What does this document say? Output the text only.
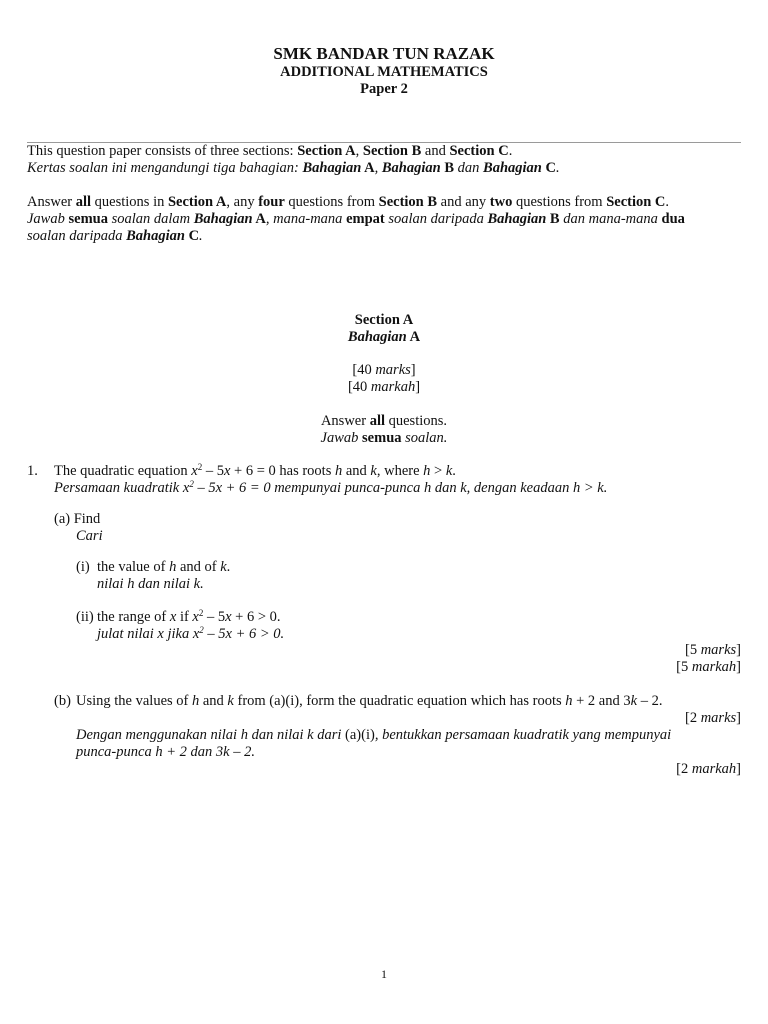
SMK BANDAR TUN RAZAK
ADDITIONAL MATHEMATICS
Paper 2

This question paper consists of three sections: Section A, Section B and Section C.

Kertas soalan ini mengandungi tiga bahagian: Bahagian A, Bahagian B dan Bahagian C.

Answer all questions in Section A, any four questions from Section B and any two questions from Section C.

Jawab semua soalan dalam Bahagian A, mana-mana empat soalan daripada Bahagian B dan mana-mana dua

soalan daripada Bahagian C.

Section A
Bahagian A
[40 marks]
[40 markah]
Answer all questions.
Jawab semua soalan.
1. The quadratic equation $x^2 - 5x + 6 = 0$ has roots h and k, where h > k.

Persamaan kuadratik $x^2 - 5x + 6 = 0$ mempunyai punca-punca h dan k, dengan keadaan h > k.

(a) Find
Cari
(i) the value of h and of k.

nilai h dan nilai k.
(ii) the range of x if $x^2 - 5x + 6 > 0$.

julat nilai x jika $x^2 - 5x + 6 > 0$.

[5 marks]
[5 markah]
(b) Using the values of h and k from (a)(i), form the quadratic equation which has roots h + 2 and 3k – 2.

[2 marks]

Dengan menggunakan nilai h dan nilai k dari (a)(i), bentukkan persamaan kuadratik yang mempunyai

punca-punca h + 2 dan 3k – 2.

[2 markah]
1
